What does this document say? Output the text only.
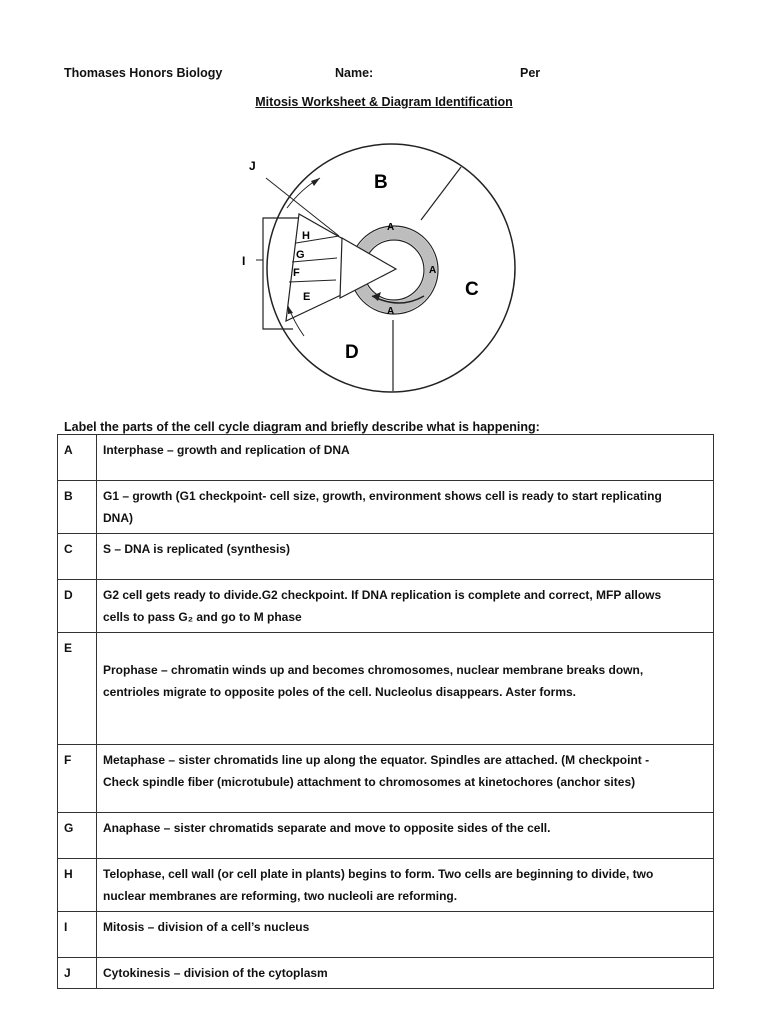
Thomases Honors Biology	Name:	Per
Mitosis Worksheet & Diagram Identification
B
C
D
J
I
H
G
F
E
A
A
A
Label the parts of the cell cycle diagram and briefly describe what is happening:
A	Interphase – growth and replication of DNA

B	G1 – growth (G1 checkpoint- cell size, growth, environment shows cell is ready to start replicating
DNA)

C	S – DNA is replicated (synthesis)

D	G2 cell gets ready to divide.G2 checkpoint. If DNA replication is complete and correct, MFP allows
cells to pass G₂ and go to M phase

E	Prophase – chromatin winds up and becomes chromosomes, nuclear membrane breaks down,
centrioles migrate to opposite poles of the cell. Nucleolus disappears. Aster forms.

F	Metaphase – sister chromatids line up along the equator. Spindles are attached. (M checkpoint -
Check spindle fiber (microtubule) attachment to chromosomes at kinetochores (anchor sites)

G	Anaphase – sister chromatids separate and move to opposite sides of the cell.

H	Telophase, cell wall (or cell plate in plants) begins to form. Two cells are beginning to divide, two
nuclear membranes are reforming, two nucleoli are reforming.

I	Mitosis – division of a cell’s nucleus

J	Cytokinesis – division of the cytoplasm
